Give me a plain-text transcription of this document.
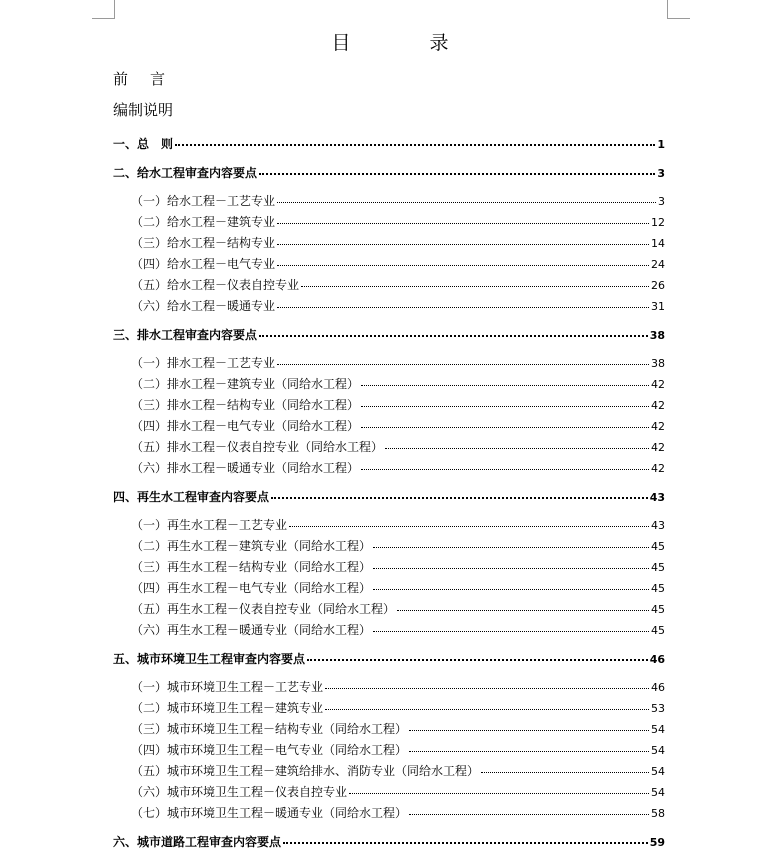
目　录
前言
编制说明
一、总　则	1
二、给水工程审查内容要点	3
（一）给水工程－工艺专业	3
（二）给水工程－建筑专业	12
（三）给水工程－结构专业	14
（四）给水工程－电气专业	24
（五）给水工程－仪表自控专业	26
（六）给水工程－暖通专业	31
三、排水工程审查内容要点	38
（一）排水工程－工艺专业	38
（二）排水工程－建筑专业（同给水工程）	42
（三）排水工程－结构专业（同给水工程）	42
（四）排水工程－电气专业（同给水工程）	42
（五）排水工程－仪表自控专业（同给水工程）	42
（六）排水工程－暖通专业（同给水工程）	42
四、再生水工程审查内容要点	43
（一）再生水工程－工艺专业	43
（二）再生水工程－建筑专业（同给水工程）	45
（三）再生水工程－结构专业（同给水工程）	45
（四）再生水工程－电气专业（同给水工程）	45
（五）再生水工程－仪表自控专业（同给水工程）	45
（六）再生水工程－暖通专业（同给水工程）	45
五、城市环境卫生工程审查内容要点	46
（一）城市环境卫生工程－工艺专业	46
（二）城市环境卫生工程－建筑专业	53
（三）城市环境卫生工程－结构专业（同给水工程）	54
（四）城市环境卫生工程－电气专业（同给水工程）	54
（五）城市环境卫生工程－建筑给排水、消防专业（同给水工程）	54
（六）城市环境卫生工程－仪表自控专业	54
（七）城市环境卫生工程－暖通专业（同给水工程）	58
六、城市道路工程审查内容要点	59
